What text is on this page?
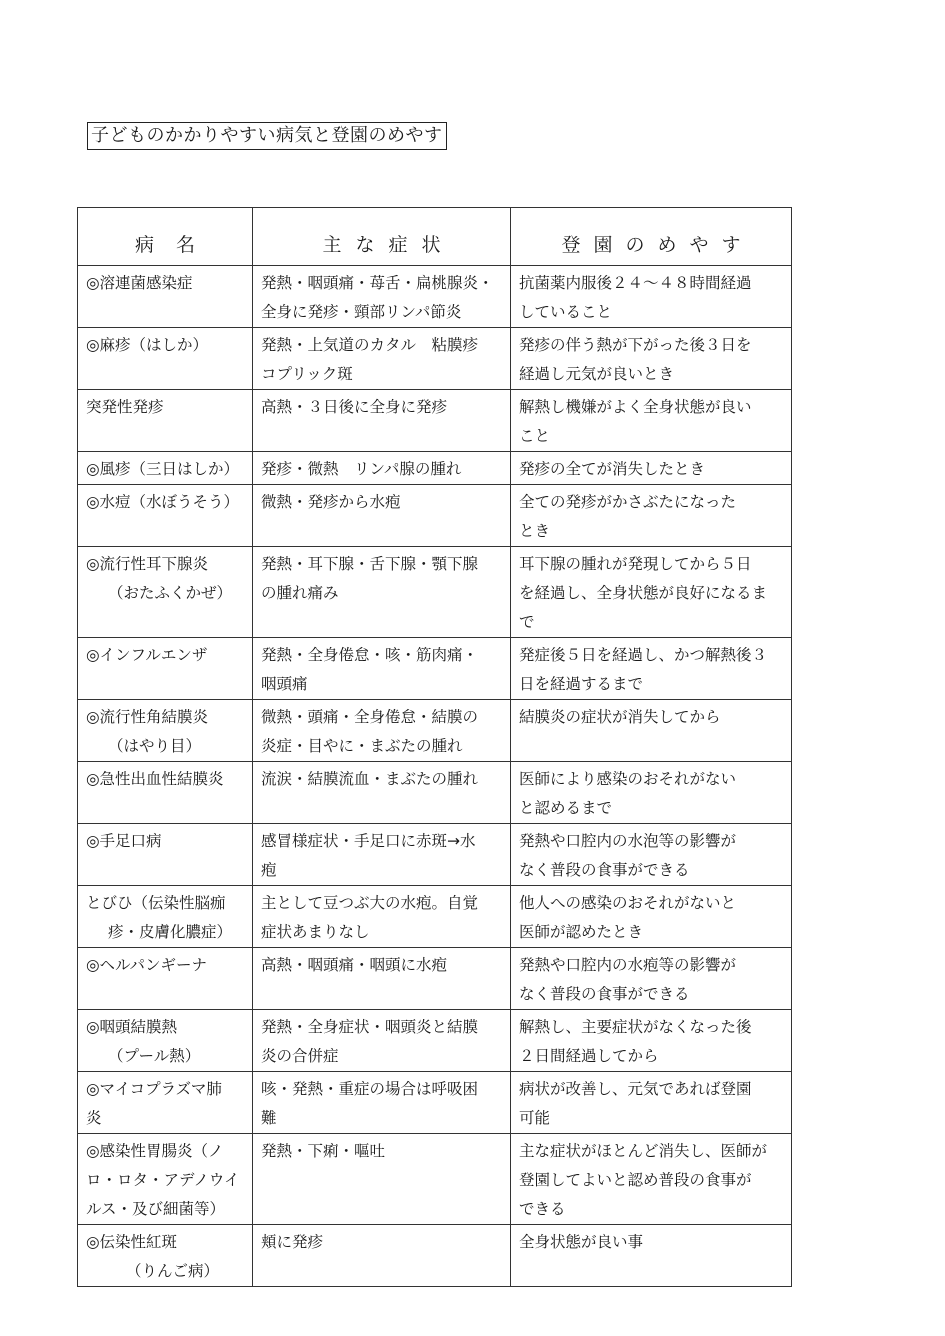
子どものかかりやすい病気と登園のめやす
病名	主な症状	登園のめやす

◎溶連菌感染症	発熱・咽頭痛・苺舌・扁桃腺炎・
全身に発疹・頸部リンパ節炎	抗菌薬内服後２４～４８時間経過
していること

◎麻疹（はしか）	発熱・上気道のカタル　粘膜疹
コプリック斑	発疹の伴う熱が下がった後３日を
経過し元気が良いとき

突発性発疹	高熱・３日後に全身に発疹	解熱し機嫌がよく全身状態が良い
こと

◎風疹（三日はしか）	発疹・微熱　リンパ腺の腫れ	発疹の全てが消失したとき

◎水痘（水ぼうそう）	微熱・発疹から水疱	全ての発疹がかさぶたになった
とき

◎流行性耳下腺炎
（おたふくかぜ）	発熱・耳下腺・舌下腺・顎下腺
の腫れ痛み	耳下腺の腫れが発現してから５日
を経過し、全身状態が良好になるま
で

◎インフルエンザ	発熱・全身倦怠・咳・筋肉痛・
咽頭痛	発症後５日を経過し、かつ解熱後３
日を経過するまで

◎流行性角結膜炎
（はやり目）	微熱・頭痛・全身倦怠・結膜の
炎症・目やに・まぶたの腫れ	結膜炎の症状が消失してから

◎急性出血性結膜炎	流涙・結膜流血・まぶたの腫れ	医師により感染のおそれがない
と認めるまで

◎手足口病	感冒様症状・手足口に赤斑→水
疱	発熱や口腔内の水泡等の影響が
なく普段の食事ができる

とびひ（伝染性脳痂
疹・皮膚化膿症）	主として豆つぶ大の水疱。自覚
症状あまりなし	他人への感染のおそれがないと
医師が認めたとき

◎ヘルパンギーナ	高熱・咽頭痛・咽頭に水疱	発熱や口腔内の水疱等の影響が
なく普段の食事ができる

◎咽頭結膜熱
（プール熱）	発熱・全身症状・咽頭炎と結膜
炎の合併症	解熱し、主要症状がなくなった後
２日間経過してから

◎マイコプラズマ肺
炎	咳・発熱・重症の場合は呼吸困
難	病状が改善し、元気であれば登園
可能

◎感染性胃腸炎（ノ
ロ・ロタ・アデノウイ
ルス・及び細菌等）	発熱・下痢・嘔吐	主な症状がほとんど消失し、医師が
登園してよいと認め普段の食事が
できる

◎伝染性紅斑
（りんご病）	頬に発疹	全身状態が良い事
